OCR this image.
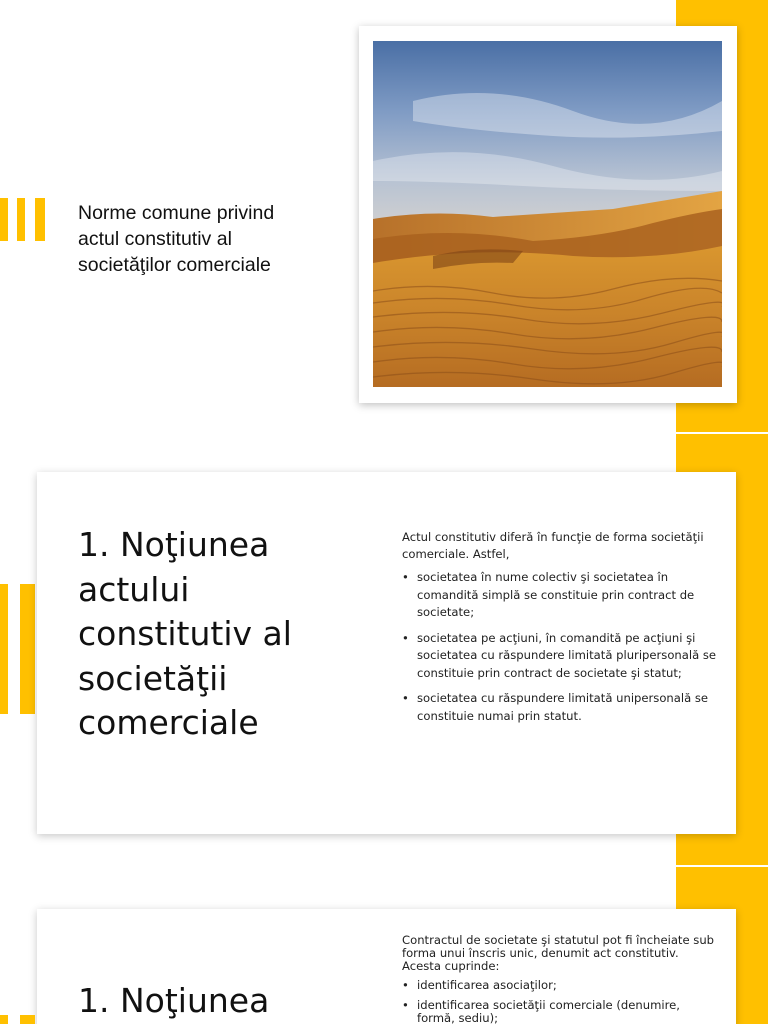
Norme comune privind
actul constitutiv al
societăţilor comerciale
1. Noţiunea
actului
constitutiv al
societăţii
comerciale

Actul constitutiv diferă în funcţie de forma societăţii comerciale. Astfel,

• societatea în nume colectiv şi societatea în comandită simplă se constituie prin contract de societate;
• societatea pe acţiuni, în comandită pe acţiuni şi societatea cu răspundere limitată pluripersonală se constituie prin contract de societate şi statut;
• societatea cu răspundere limitată unipersonală se constituie numai prin statut.
1. Noţiunea

Contractul de societate şi statutul pot fi încheiate sub forma unui înscris unic, denumit act constitutiv. Acesta cuprinde:

• identificarea asociaţilor;
• identificarea societăţii comerciale (denumire, formă, sediu);
